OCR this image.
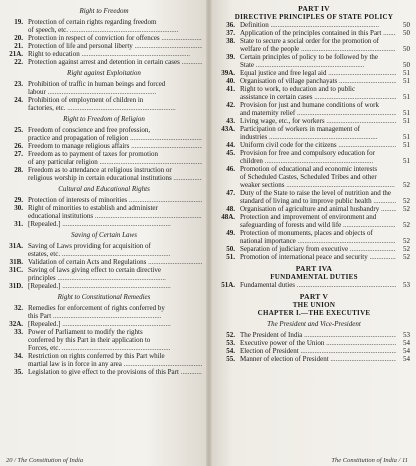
Right to Freedom
19. Protection of certain rights regarding freedom
of speech, etc. .....
20. Protection in respect of conviction for offences .....
21. Protection of life and personal liberty .....
21A. Right to education .....
22. Protection against arrest and detention in certain cases .....
Right against Exploitation
23. Prohibition of traffic in human beings and forced
labour .....
24. Prohibition of employment of children in
factories, etc. .....
Right to Freedom of Religion
25. Freedom of conscience and free profession,
practice and propagation of religion .....
26. Freedom to manage religious affairs .....
27. Freedom as to payment of taxes for promotion
of any particular religion .....
28. Freedom as to attendance at religious instruction or
religious worship in certain educational institutions .....
Cultural and Educational Rights
29. Protection of interests of minorities .....
30. Right of minorities to establish and administer
educational institutions .....
31. [Repealed.] .....
Saving of Certain Laws
31A. Saving of Laws providing for acquisition of
estates, etc. .....
31B. Validation of certain Acts and Regulations .....
31C. Saving of laws giving effect to certain directive
principles .....
31D. [Repealed.] .....
Right to Constitutional Remedies
32. Remedies for enforcement of rights conferred by
this Part .....
32A. [Repealed.] .....
33. Power of Parliament to modify the rights
conferred by this Part in their application to
Forces, etc. .....
34. Restriction on rights conferred by this Part while
martial law is in force in any area .....
35. Legislation to give effect to the provisions of this Part .....
20 / The Constitution of India
PART IV
DIRECTIVE PRINCIPLES OF STATE POLICY
36. Definition .....	50
37. Application of the principles contained in this Part .....	50
38. State to secure a social order for the promotion of
welfare of the people .....	50
39. Certain principles of policy to be followed by the
State .....	50
39A. Equal justice and free legal aid .....	51
40. Organisation of village panchayats .....	51
41. Right to work, to education and to public
assistance in certain cases .....	51
42. Provision for just and humane conditions of work
and maternity relief .....	51
43. Living wage, etc., for workers .....	51
43A. Participation of workers in management of
industries .....	51
44. Uniform civil code for the citizens .....	51
45. Provision for free and compulsory education for
children .....	51
46. Promotion of educational and economic interests
of Scheduled Castes, Scheduled Tribes and other
weaker sections .....	52
47. Duty of the State to raise the level of nutrition and the
standard of living and to improve public health .....	52
48. Organisation of agriculture and animal husbandry .....	52
48A. Protection and improvement of environment and
safeguarding of forests and wild life .....	52
49. Protection of monuments, places and objects of
national importance .....	52
50. Separation of judiciary from executive .....	52
51. Promotion of international peace and security .....	52
PART IVA
FUNDAMENTAL DUTIES
51A. Fundamental duties .....	53
PART V
THE UNION
CHAPTER I.—THE EXECUTIVE
The President and Vice-President
52. The President of India .....	53
53. Executive power of the Union .....	54
54. Election of President .....	54
55. Manner of election of President .....	54
The Constitution of India / 11
